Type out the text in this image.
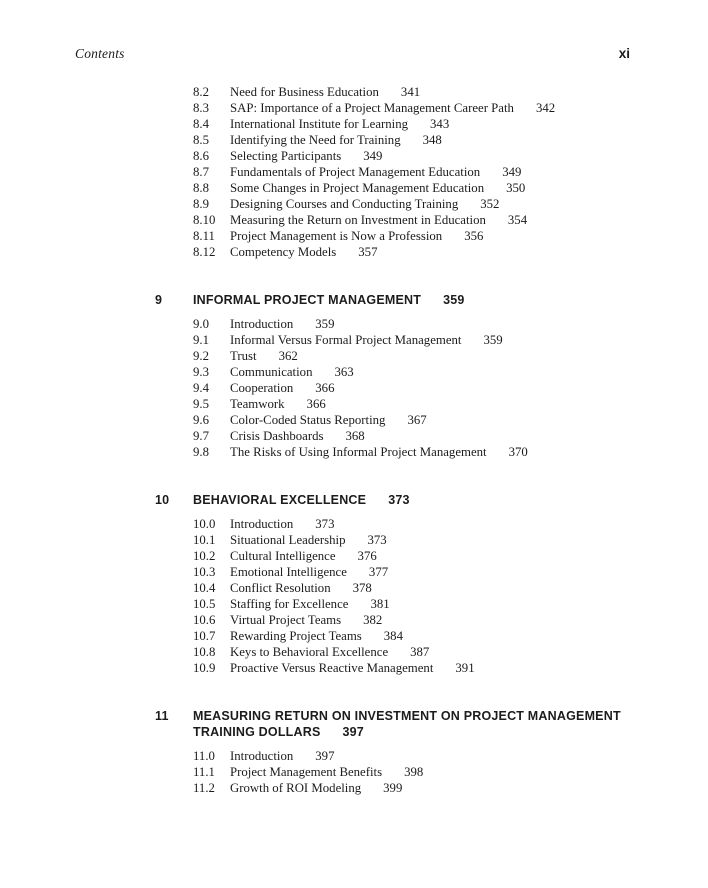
Contents	xi
8.2	Need for Business Education 341
8.3	SAP: Importance of a Project Management Career Path 342
8.4	International Institute for Learning 343
8.5	Identifying the Need for Training 348
8.6	Selecting Participants 349
8.7	Fundamentals of Project Management Education 349
8.8	Some Changes in Project Management Education 350
8.9	Designing Courses and Conducting Training 352
8.10	Measuring the Return on Investment in Education 354
8.11	Project Management is Now a Profession 356
8.12	Competency Models 357
9	INFORMAL PROJECT MANAGEMENT 359
9.0	Introduction 359
9.1	Informal Versus Formal Project Management 359
9.2	Trust 362
9.3	Communication 363
9.4	Cooperation 366
9.5	Teamwork 366
9.6	Color-Coded Status Reporting 367
9.7	Crisis Dashboards 368
9.8	The Risks of Using Informal Project Management 370
10	BEHAVIORAL EXCELLENCE 373
10.0	Introduction 373
10.1	Situational Leadership 373
10.2	Cultural Intelligence 376
10.3	Emotional Intelligence 377
10.4	Conflict Resolution 378
10.5	Staffing for Excellence 381
10.6	Virtual Project Teams 382
10.7	Rewarding Project Teams 384
10.8	Keys to Behavioral Excellence 387
10.9	Proactive Versus Reactive Management 391
11	MEASURING RETURN ON INVESTMENT ON PROJECT MANAGEMENT
TRAINING DOLLARS 397
11.0	Introduction 397
11.1	Project Management Benefits 398
11.2	Growth of ROI Modeling 399
